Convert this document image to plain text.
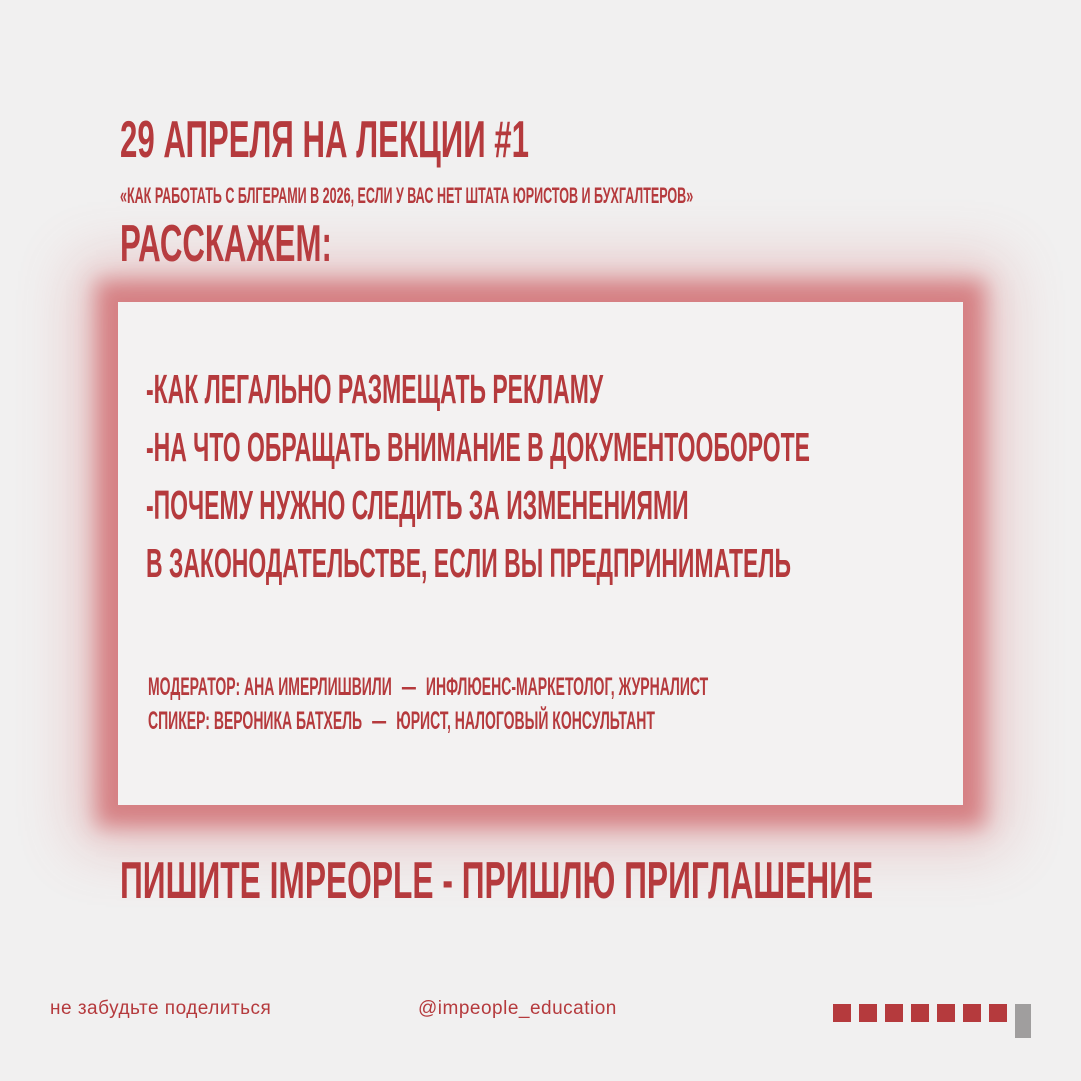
29 АПРЕЛЯ НА ЛЕКЦИИ #1
«КАК РАБОТАТЬ С БЛГЕРАМИ В 2026, ЕСЛИ У ВАС НЕТ ШТАТА ЮРИСТОВ И БУХГАЛТЕРОВ»
РАССКАЖЕМ:
-КАК ЛЕГАЛЬНО РАЗМЕЩАТЬ РЕКЛАМУ
-НА ЧТО ОБРАЩАТЬ ВНИМАНИЕ В ДОКУМЕНТООБОРОТЕ
-ПОЧЕМУ НУЖНО СЛЕДИТЬ ЗА ИЗМЕНЕНИЯМИ
В ЗАКОНОДАТЕЛЬСТВЕ, ЕСЛИ ВЫ ПРЕДПРИНИМАТЕЛЬ
МОДЕРАТОР: АНА ИМЕРЛИШВИЛИ — ИНФЛЮЕНС-МАРКЕТОЛОГ, ЖУРНАЛИСТ
СПИКЕР: ВЕРОНИКА БАТХЕЛЬ — ЮРИСТ, НАЛОГОВЫЙ КОНСУЛЬТАНТ
ПИШИТЕ IMPEOPLE - ПРИШЛЮ ПРИГЛАШЕНИЕ
не забудьте поделиться	@impeople_education
